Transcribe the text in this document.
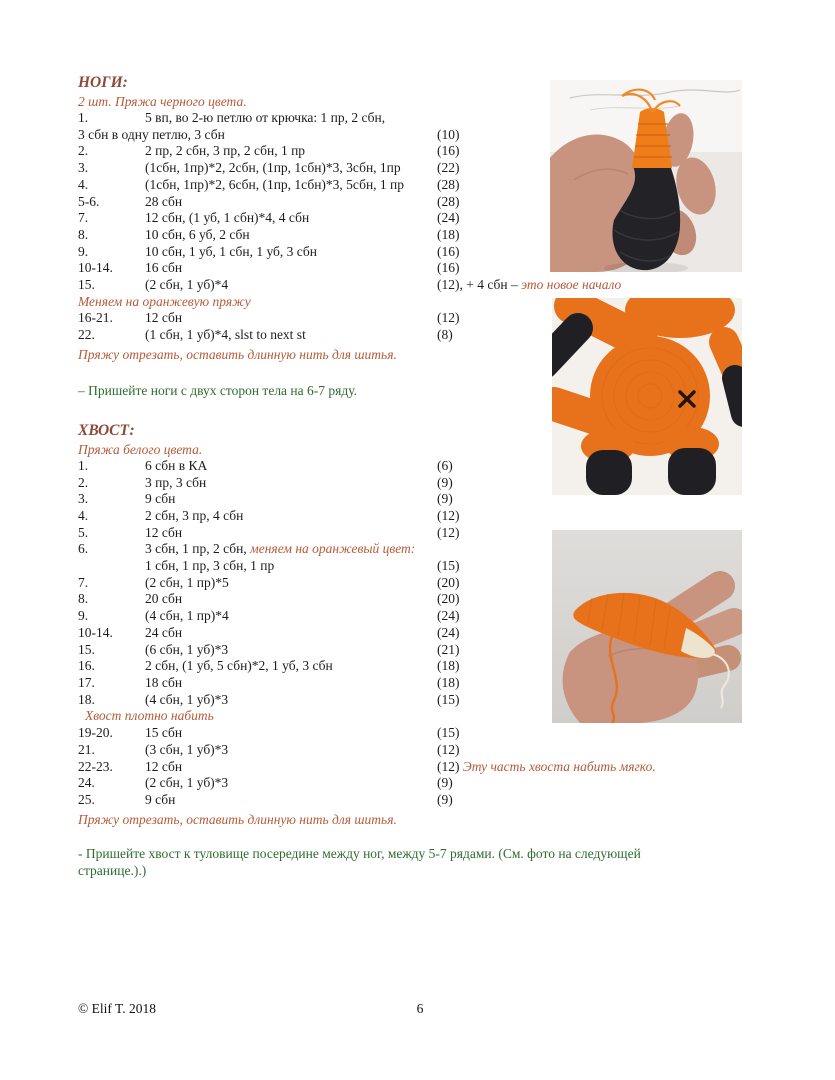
НОГИ:
2 шт. Пряжа черного цвета.
1.	5 вп, во 2-ю петлю от крючка: 1 пр, 2 сбн,
3 сбн в одну петлю, 3 сбн	(10)
2.	2 пр, 2 сбн, 3 пр, 2 сбн, 1 пр	(16)
3.	(1сбн, 1пр)*2, 2сбн, (1пр, 1сбн)*3, 3сбн, 1пр	(22)
4.	(1сбн, 1пр)*2, 6сбн, (1пр, 1сбн)*3, 5сбн, 1 пр	(28)
5-6.	28 сбн	(28)
7.	12 сбн, (1 уб, 1 сбн)*4, 4 сбн	(24)
8.	10 сбн, 6 уб, 2 сбн	(18)
9.	10 сбн, 1 уб, 1 сбн, 1 уб, 3 сбн	(16)
10-14.	16 сбн	(16)
15.	(2 сбн, 1 уб)*4	(12), + 4 сбн – это новое начало
Меняем на оранжевую пряжу
16-21.	12 сбн	(12)
22.	(1 сбн, 1 уб)*4, slst to next st	(8)
Пряжу отрезать, оставить длинную нить для шитья.
– Пришейте ноги с двух сторон тела на 6-7 ряду.
ХВОСТ:
Пряжа белого цвета.
1.	6 сбн в КА	(6)
2.	3 пр, 3 сбн	(9)
3.	9 сбн	(9)
4.	2 сбн, 3 пр, 4 сбн	(12)
5.	12 сбн	(12)
6.	3 сбн, 1 пр, 2 сбн, меняем на оранжевый цвет:
1 сбн, 1 пр, 3 сбн, 1 пр	(15)
7.	(2 сбн, 1 пр)*5	(20)
8.	20 сбн	(20)
9.	(4 сбн, 1 пр)*4	(24)
10-14.	24 сбн	(24)
15.	(6 сбн, 1 уб)*3	(21)
16.	2 сбн, (1 уб, 5 сбн)*2, 1 уб, 3 сбн	(18)
17.	18 сбн	(18)
18.	(4 сбн, 1 уб)*3	(15)
Хвост плотно набить
19-20.	15 сбн	(15)
21.	(3 сбн, 1 уб)*3	(12)
22-23.	12 сбн	(12) Эту часть хвоста набить мягко.
24.	(2 сбн, 1 уб)*3	(9)
25.	9 сбн	(9)
Пряжу отрезать, оставить длинную нить для шитья.
- Пришейте хвост к туловище посередине между ног, между 5-7 рядами. (См. фото на следующей
странице.).)
© Elif T. 2018	6
